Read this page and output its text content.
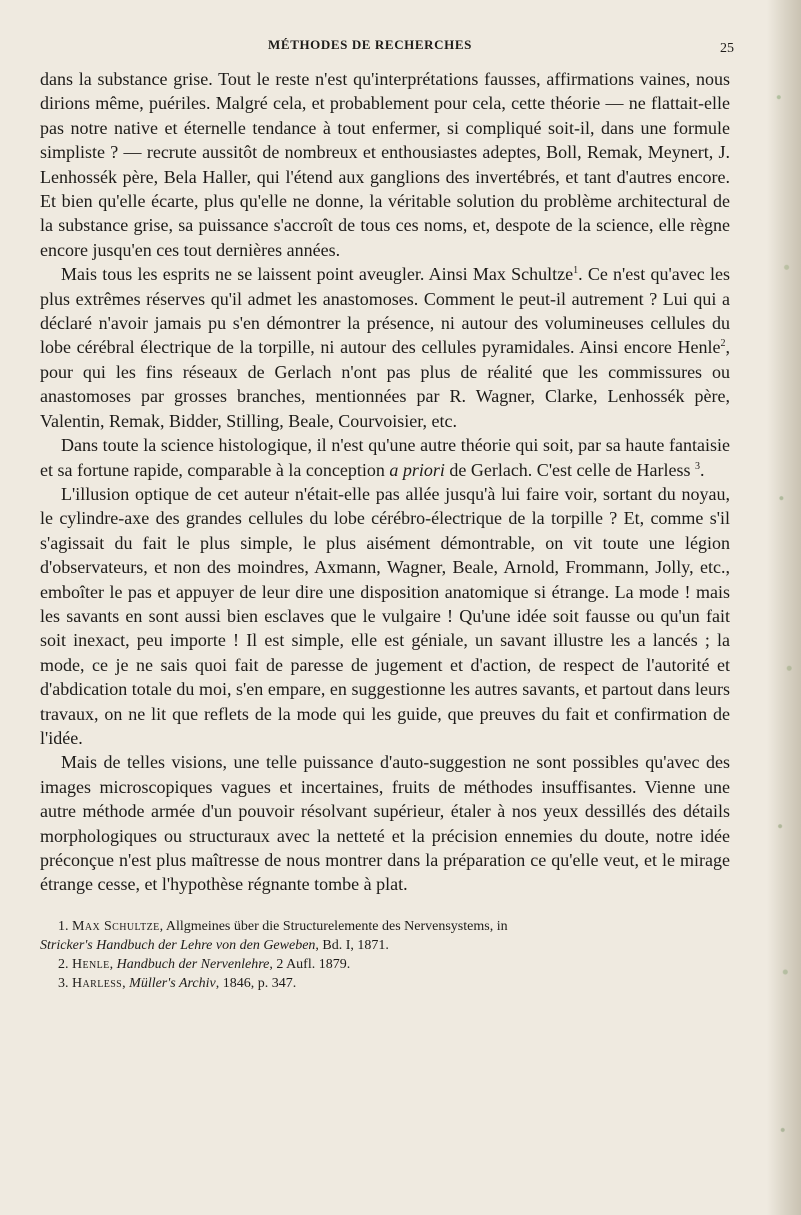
MÉTHODES DE RECHERCHES	25

dans la substance grise. Tout le reste n'est qu'interprétations fausses, affirmations vaines, nous dirions même, puériles. Malgré cela, et probablement pour cela, cette théorie — ne flattait-elle pas notre native et éternelle tendance à tout enfermer, si compliqué soit-il, dans une formule simpliste ? — recrute aussitôt de nombreux et enthousiastes adeptes, Boll, Remak, Meynert, J. Lenhossék père, Bela Haller, qui l'étend aux ganglions des invertébrés, et tant d'autres encore. Et bien qu'elle écarte, plus qu'elle ne donne, la véritable solution du problème architectural de la substance grise, sa puissance s'accroît de tous ces noms, et, despote de la science, elle règne encore jusqu'en ces tout dernières années.

Mais tous les esprits ne se laissent point aveugler. Ainsi Max Schultze$^1$. Ce n'est qu'avec les plus extrêmes réserves qu'il admet les anastomoses. Comment le peut-il autrement ? Lui qui a déclaré n'avoir jamais pu s'en démontrer la présence, ni autour des volumineuses cellules du lobe cérébral électrique de la torpille, ni autour des cellules pyramidales. Ainsi encore Henle$^2$, pour qui les fins réseaux de Gerlach n'ont pas plus de réalité que les commissures ou anastomoses par grosses branches, mentionnées par R. Wagner, Clarke, Lenhossék père, Valentin, Remak, Bidder, Stilling, Beale, Courvoisier, etc.

Dans toute la science histologique, il n'est qu'une autre théorie qui soit, par sa haute fantaisie et sa fortune rapide, comparable à la conception a priori de Gerlach. C'est celle de Harless $^3$.

L'illusion optique de cet auteur n'était-elle pas allée jusqu'à lui faire voir, sortant du noyau, le cylindre-axe des grandes cellules du lobe cérébro-électrique de la torpille ? Et, comme s'il s'agissait du fait le plus simple, le plus aisément démontrable, on vit toute une légion d'observateurs, et non des moindres, Axmann, Wagner, Beale, Arnold, Frommann, Jolly, etc., emboîter le pas et appuyer de leur dire une disposition anatomique si étrange. La mode ! mais les savants en sont aussi bien esclaves que le vulgaire ! Qu'une idée soit fausse ou qu'un fait soit inexact, peu importe ! Il est simple, elle est géniale, un savant illustre les a lancés ; la mode, ce je ne sais quoi fait de paresse de jugement et d'action, de respect de l'autorité et d'abdication totale du moi, s'en empare, en suggestionne les autres savants, et partout dans leurs travaux, on ne lit que reflets de la mode qui les guide, que preuves du fait et confirmation de l'idée.

Mais de telles visions, une telle puissance d'auto-suggestion ne sont possibles qu'avec des images microscopiques vagues et incertaines, fruits de méthodes insuffisantes. Vienne une autre méthode armée d'un pouvoir résolvant supérieur, étaler à nos yeux dessillés des détails morphologiques ou structuraux avec la netteté et la précision ennemies du doute, notre idée préconçue n'est plus maîtresse de nous montrer dans la préparation ce qu'elle veut, et le mirage étrange cesse, et l'hypothèse régnante tombe à plat.

1. Max Schultze, Allgmeines über die Structurelemente des Nervensystems, in
Stricker's Handbuch der Lehre von den Geweben, Bd. I, 1871.
2. Henle, Handbuch der Nervenlehre, 2 Aufl. 1879.
3. Harless, Müller's Archiv, 1846, p. 347.
